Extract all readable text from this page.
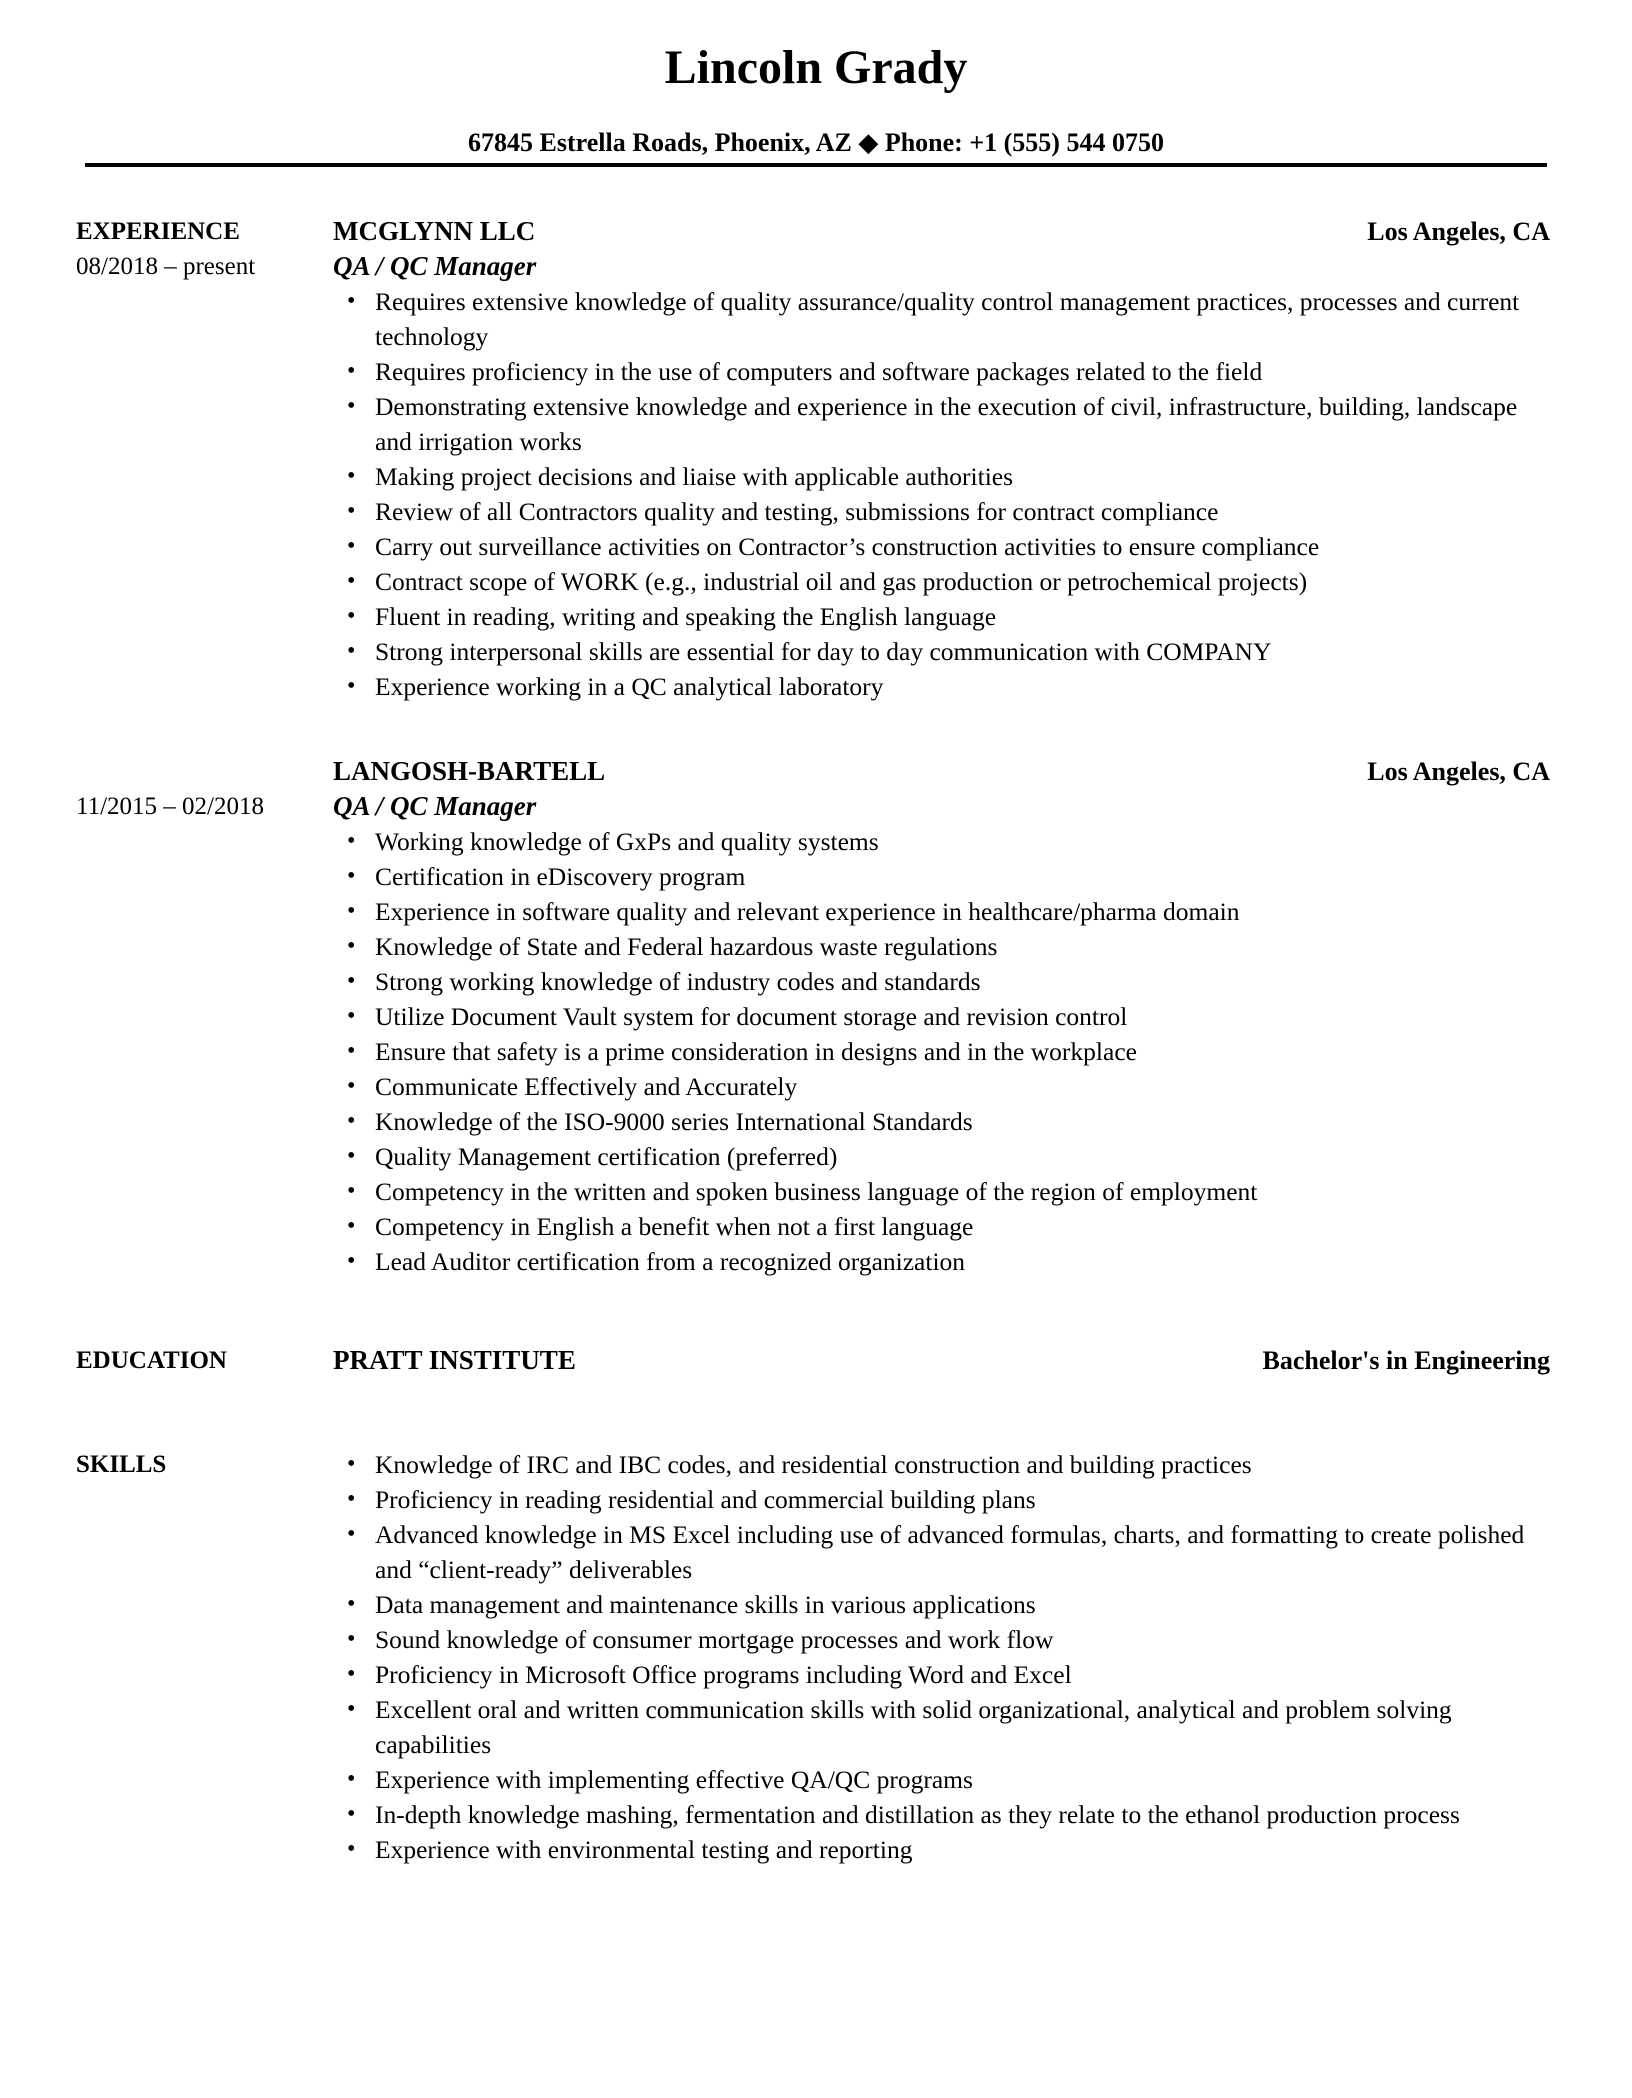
Lincoln Grady
67845 Estrella Roads, Phoenix, AZ ◆ Phone: +1 (555) 544 0750
EXPERIENCE	MCGLYNN LLC	Los Angeles, CA
08/2018 – present	QA / QC Manager
• Requires extensive knowledge of quality assurance/quality control management practices, processes and current technology
• Requires proficiency in the use of computers and software packages related to the field
• Demonstrating extensive knowledge and experience in the execution of civil, infrastructure, building, landscape and irrigation works
• Making project decisions and liaise with applicable authorities
• Review of all Contractors quality and testing, submissions for contract compliance
• Carry out surveillance activities on Contractor’s construction activities to ensure compliance
• Contract scope of WORK (e.g., industrial oil and gas production or petrochemical projects)
• Fluent in reading, writing and speaking the English language
• Strong interpersonal skills are essential for day to day communication with COMPANY
• Experience working in a QC analytical laboratory
LANGOSH-BARTELL	Los Angeles, CA
11/2015 – 02/2018	QA / QC Manager
• Working knowledge of GxPs and quality systems
• Certification in eDiscovery program
• Experience in software quality and relevant experience in healthcare/pharma domain
• Knowledge of State and Federal hazardous waste regulations
• Strong working knowledge of industry codes and standards
• Utilize Document Vault system for document storage and revision control
• Ensure that safety is a prime consideration in designs and in the workplace
• Communicate Effectively and Accurately
• Knowledge of the ISO-9000 series International Standards
• Quality Management certification (preferred)
• Competency in the written and spoken business language of the region of employment
• Competency in English a benefit when not a first language
• Lead Auditor certification from a recognized organization
EDUCATION	PRATT INSTITUTE	Bachelor's in Engineering
SKILLS	• Knowledge of IRC and IBC codes, and residential construction and building practices
• Proficiency in reading residential and commercial building plans
• Advanced knowledge in MS Excel including use of advanced formulas, charts, and formatting to create polished and “client-ready” deliverables
• Data management and maintenance skills in various applications
• Sound knowledge of consumer mortgage processes and work flow
• Proficiency in Microsoft Office programs including Word and Excel
• Excellent oral and written communication skills with solid organizational, analytical and problem solving capabilities
• Experience with implementing effective QA/QC programs
• In-depth knowledge mashing, fermentation and distillation as they relate to the ethanol production process
• Experience with environmental testing and reporting
